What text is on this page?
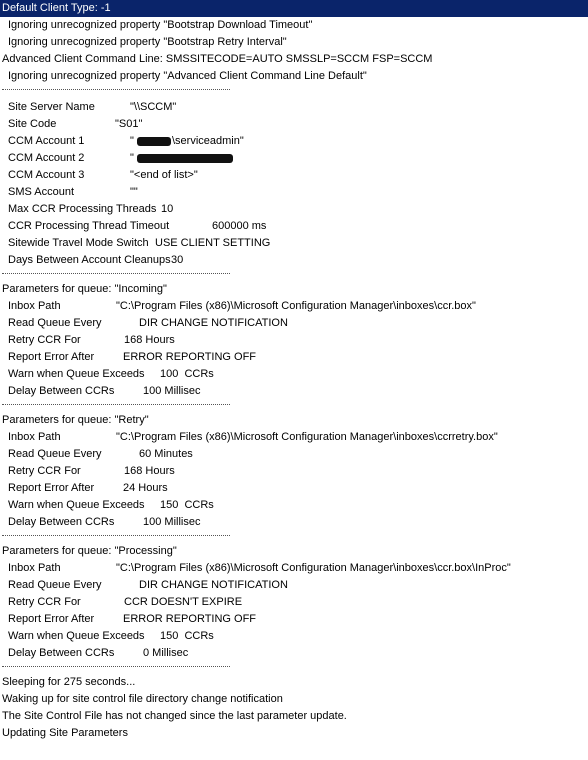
Default Client Type: -1
Ignoring unrecognized property "Bootstrap Download Timeout"
Ignoring unrecognized property "Bootstrap Retry Interval"
Advanced Client Command Line: SMSSITECODE=AUTO SMSSLP=SCCM FSP=SCCM
Ignoring unrecognized property "Advanced Client Command Line Default"
Site Server Name	"\\SCCM"
Site Code	"S01"
CCM Account 1	"	\serviceadmin"
CCM Account 2	"
CCM Account 3	"<end of list>"
SMS Account	""
Max CCR Processing Threads 10
CCR Processing Thread Timeout	600000 ms
Sitewide Travel Mode Switch USE CLIENT SETTING
Days Between Account Cleanups 30
Parameters for queue: "Incoming"
Inbox Path	"C:\Program Files (x86)\Microsoft Configuration Manager\inboxes\ccr.box"
Read Queue Every	DIR CHANGE NOTIFICATION
Retry CCR For	168 Hours
Report Error After	ERROR REPORTING OFF
Warn when Queue Exceeds 100  CCRs
Delay Between CCRs	100 Millisec
Parameters for queue: "Retry"
Inbox Path	"C:\Program Files (x86)\Microsoft Configuration Manager\inboxes\ccrretry.box"
Read Queue Every	60 Minutes
Retry CCR For	168 Hours
Report Error After	24 Hours
Warn when Queue Exceeds 150  CCRs
Delay Between CCRs	100 Millisec
Parameters for queue: "Processing"
Inbox Path	"C:\Program Files (x86)\Microsoft Configuration Manager\inboxes\ccr.box\InProc"
Read Queue Every	DIR CHANGE NOTIFICATION
Retry CCR For	CCR DOESN'T EXPIRE
Report Error After	ERROR REPORTING OFF
Warn when Queue Exceeds 150  CCRs
Delay Between CCRs	0 Millisec
Sleeping for 275 seconds...
Waking up for site control file directory change notification
The Site Control File has not changed since the last parameter update.
Updating Site Parameters
